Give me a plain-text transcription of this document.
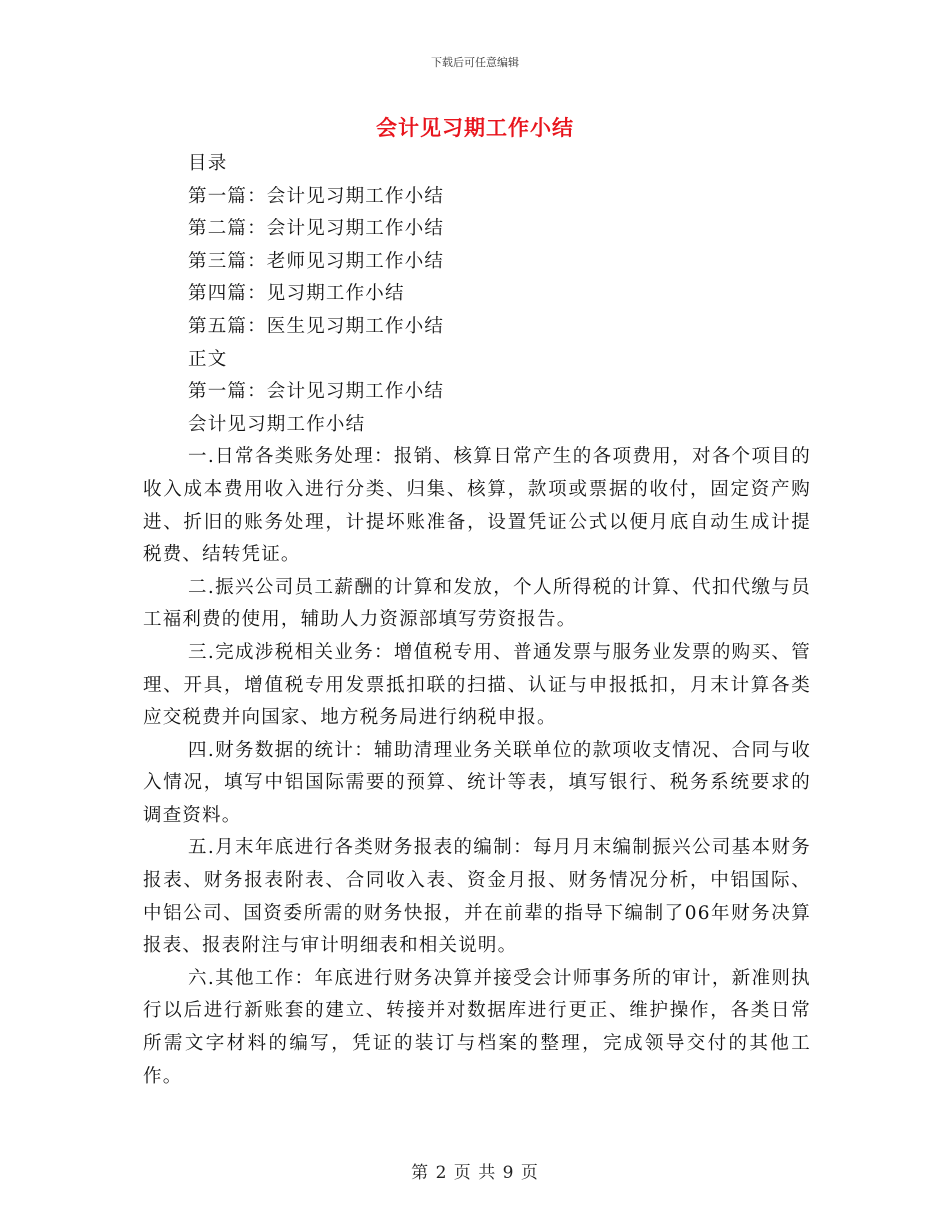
下载后可任意编辑
会计见习期工作小结
目录
第一篇：会计见习期工作小结
第二篇：会计见习期工作小结
第三篇：老师见习期工作小结
第四篇：见习期工作小结
第五篇：医生见习期工作小结
正文
第一篇：会计见习期工作小结
会计见习期工作小结

一.日常各类账务处理：报销、核算日常产生的各项费用，对各个项目的收入成本费用收入进行分类、归集、核算，款项或票据的收付，固定资产购进、折旧的账务处理，计提坏账准备，设置凭证公式以便月底自动生成计提税费、结转凭证。

二.振兴公司员工薪酬的计算和发放，个人所得税的计算、代扣代缴与员工福利费的使用，辅助人力资源部填写劳资报告。

三.完成涉税相关业务：增值税专用、普通发票与服务业发票的购买、管理、开具，增值税专用发票抵扣联的扫描、认证与申报抵扣，月末计算各类应交税费并向国家、地方税务局进行纳税申报。

四.财务数据的统计：辅助清理业务关联单位的款项收支情况、合同与收入情况，填写中铝国际需要的预算、统计等表，填写银行、税务系统要求的调查资料。

五.月末年底进行各类财务报表的编制：每月月末编制振兴公司基本财务报表、财务报表附表、合同收入表、资金月报、财务情况分析，中铝国际、中铝公司、国资委所需的财务快报，并在前辈的指导下编制了06年财务决算报表、报表附注与审计明细表和相关说明。

六.其他工作：年底进行财务决算并接受会计师事务所的审计，新准则执行以后进行新账套的建立、转接并对数据库进行更正、维护操作，各类日常所需文字材料的编写，凭证的装订与档案的整理，完成领导交付的其他工作。

第 2 页 共 9 页
